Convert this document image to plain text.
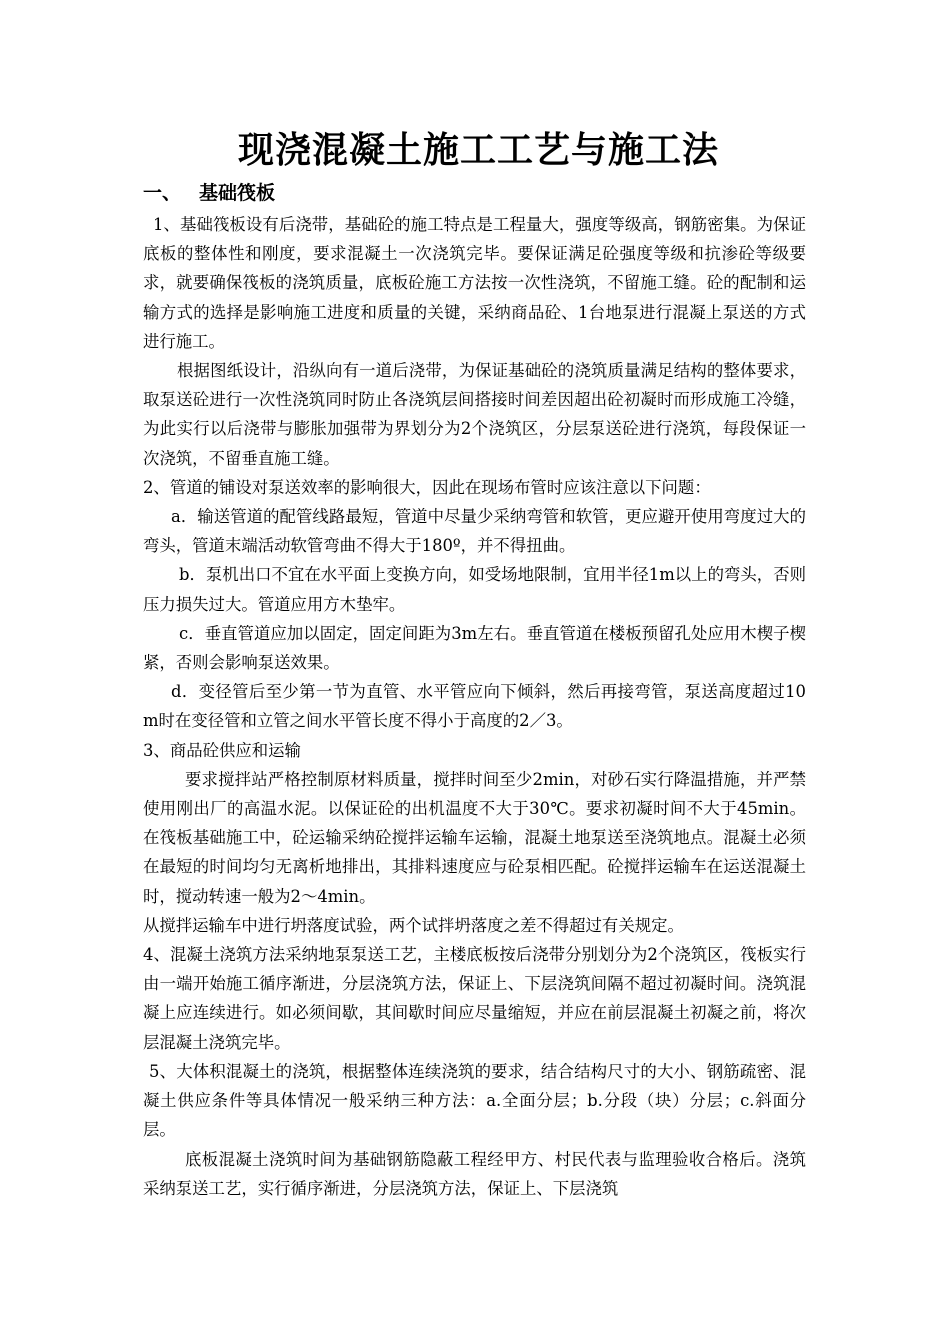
现浇混凝土施工工艺与施工法
一、 基础筏板

1、基础筏板设有后浇带，基础砼的施工特点是工程量大，强度等级高，钢筋密集。为保证底板的整体性和刚度，要求混凝土一次浇筑完毕。要保证满足砼强度等级和抗渗砼等级要求，就要确保筏板的浇筑质量，底板砼施工方法按一次性浇筑，不留施工缝。砼的配制和运输方式的选择是影响施工进度和质量的关键，采纳商品砼、1台地泵进行混凝上泵送的方式进行施工。

根据图纸设计，沿纵向有一道后浇带，为保证基础砼的浇筑质量满足结构的整体要求，取泵送砼进行一次性浇筑同时防止各浇筑层间搭接时间差因超出砼初凝时而形成施工冷缝，为此实行以后浇带与膨胀加强带为界划分为2个浇筑区，分层泵送砼进行浇筑，每段保证一次浇筑，不留垂直施工缝。

2、管道的铺设对泵送效率的影响很大，因此在现场布管时应该注意以下问题：

a．输送管道的配管线路最短，管道中尽量少采纳弯管和软管，更应避开使用弯度过大的弯头，管道末端活动软管弯曲不得大于180º，并不得扭曲。

b．泵机出口不宜在水平面上变换方向，如受场地限制，宜用半径1m以上的弯头，否则压力损失过大。管道应用方木垫牢。

c．垂直管道应加以固定，固定间距为3m左右。垂直管道在楼板预留孔处应用木楔子楔紧，否则会影响泵送效果。

d．变径管后至少第一节为直管、水平管应向下倾斜，然后再接弯管，泵送高度超过10m时在变径管和立管之间水平管长度不得小于高度的2／3。

3、商品砼供应和运输

要求搅拌站严格控制原材料质量，搅拌时间至少2min，对砂石实行降温措施，并严禁使用刚出厂的高温水泥。以保证砼的出机温度不大于30℃。要求初凝时间不大于45min。在筏板基础施工中，砼运输采纳砼搅拌运输车运输，混凝土地泵送至浇筑地点。混凝土必须在最短的时间均匀无离析地排出，其排料速度应与砼泵相匹配。砼搅拌运输车在运送混凝土时，搅动转速一般为2～4min。

从搅拌运输车中进行坍落度试验，两个试拌坍落度之差不得超过有关规定。

4、混凝土浇筑方法采纳地泵泵送工艺，主楼底板按后浇带分别划分为2个浇筑区，筏板实行由一端开始施工循序渐进，分层浇筑方法，保证上、下层浇筑间隔不超过初凝时间。浇筑混凝上应连续进行。如必须间歇，其间歇时间应尽量缩短，并应在前层混凝土初凝之前，将次层混凝土浇筑完毕。

5、大体积混凝土的浇筑，根据整体连续浇筑的要求，结合结构尺寸的大小、钢筋疏密、混凝土供应条件等具体情况一般采纳三种方法：a.全面分层；b.分段（块）分层；c.斜面分层。

底板混凝土浇筑时间为基础钢筋隐蔽工程经甲方、村民代表与监理验收合格后。浇筑采纳泵送工艺，实行循序渐进，分层浇筑方法，保证上、下层浇筑
